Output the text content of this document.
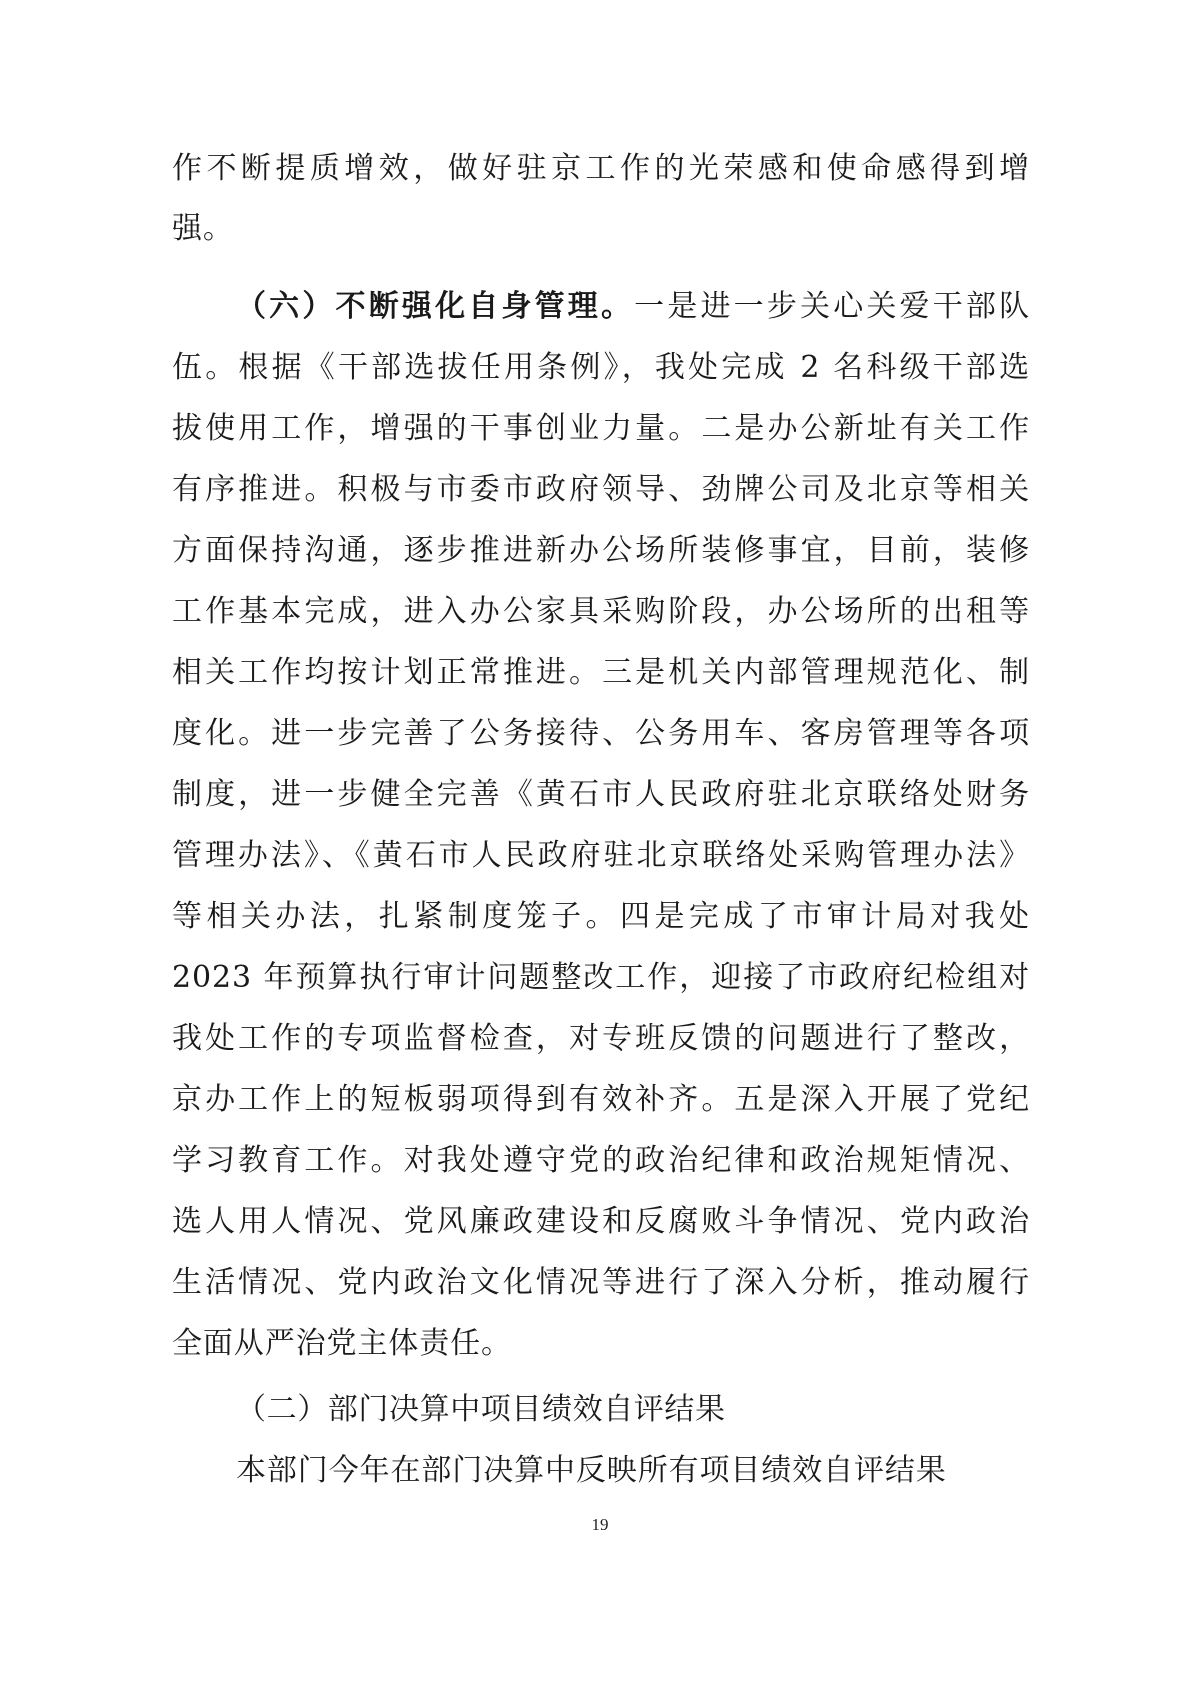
作不断提质增效，做好驻京工作的光荣感和使命感得到增
强。
（六）不断强化自身管理。一是进一步关心关爱干部队
伍。根据《干部选拔任用条例》，我处完成 2 名科级干部选
拔使用工作，增强的干事创业力量。二是办公新址有关工作
有序推进。积极与市委市政府领导、劲牌公司及北京等相关
方面保持沟通，逐步推进新办公场所装修事宜，目前，装修
工作基本完成，进入办公家具采购阶段，办公场所的出租等
相关工作均按计划正常推进。三是机关内部管理规范化、制
度化。进一步完善了公务接待、公务用车、客房管理等各项
制度，进一步健全完善《黄石市人民政府驻北京联络处财务
管理办法》、《黄石市人民政府驻北京联络处采购管理办法》
等相关办法，扎紧制度笼子。四是完成了市审计局对我处
2023 年预算执行审计问题整改工作，迎接了市政府纪检组对
我处工作的专项监督检查，对专班反馈的问题进行了整改，
京办工作上的短板弱项得到有效补齐。五是深入开展了党纪
学习教育工作。对我处遵守党的政治纪律和政治规矩情况、
选人用人情况、党风廉政建设和反腐败斗争情况、党内政治
生活情况、党内政治文化情况等进行了深入分析，推动履行
全面从严治党主体责任。
（二）部门决算中项目绩效自评结果
本部门今年在部门决算中反映所有项目绩效自评结果
19
